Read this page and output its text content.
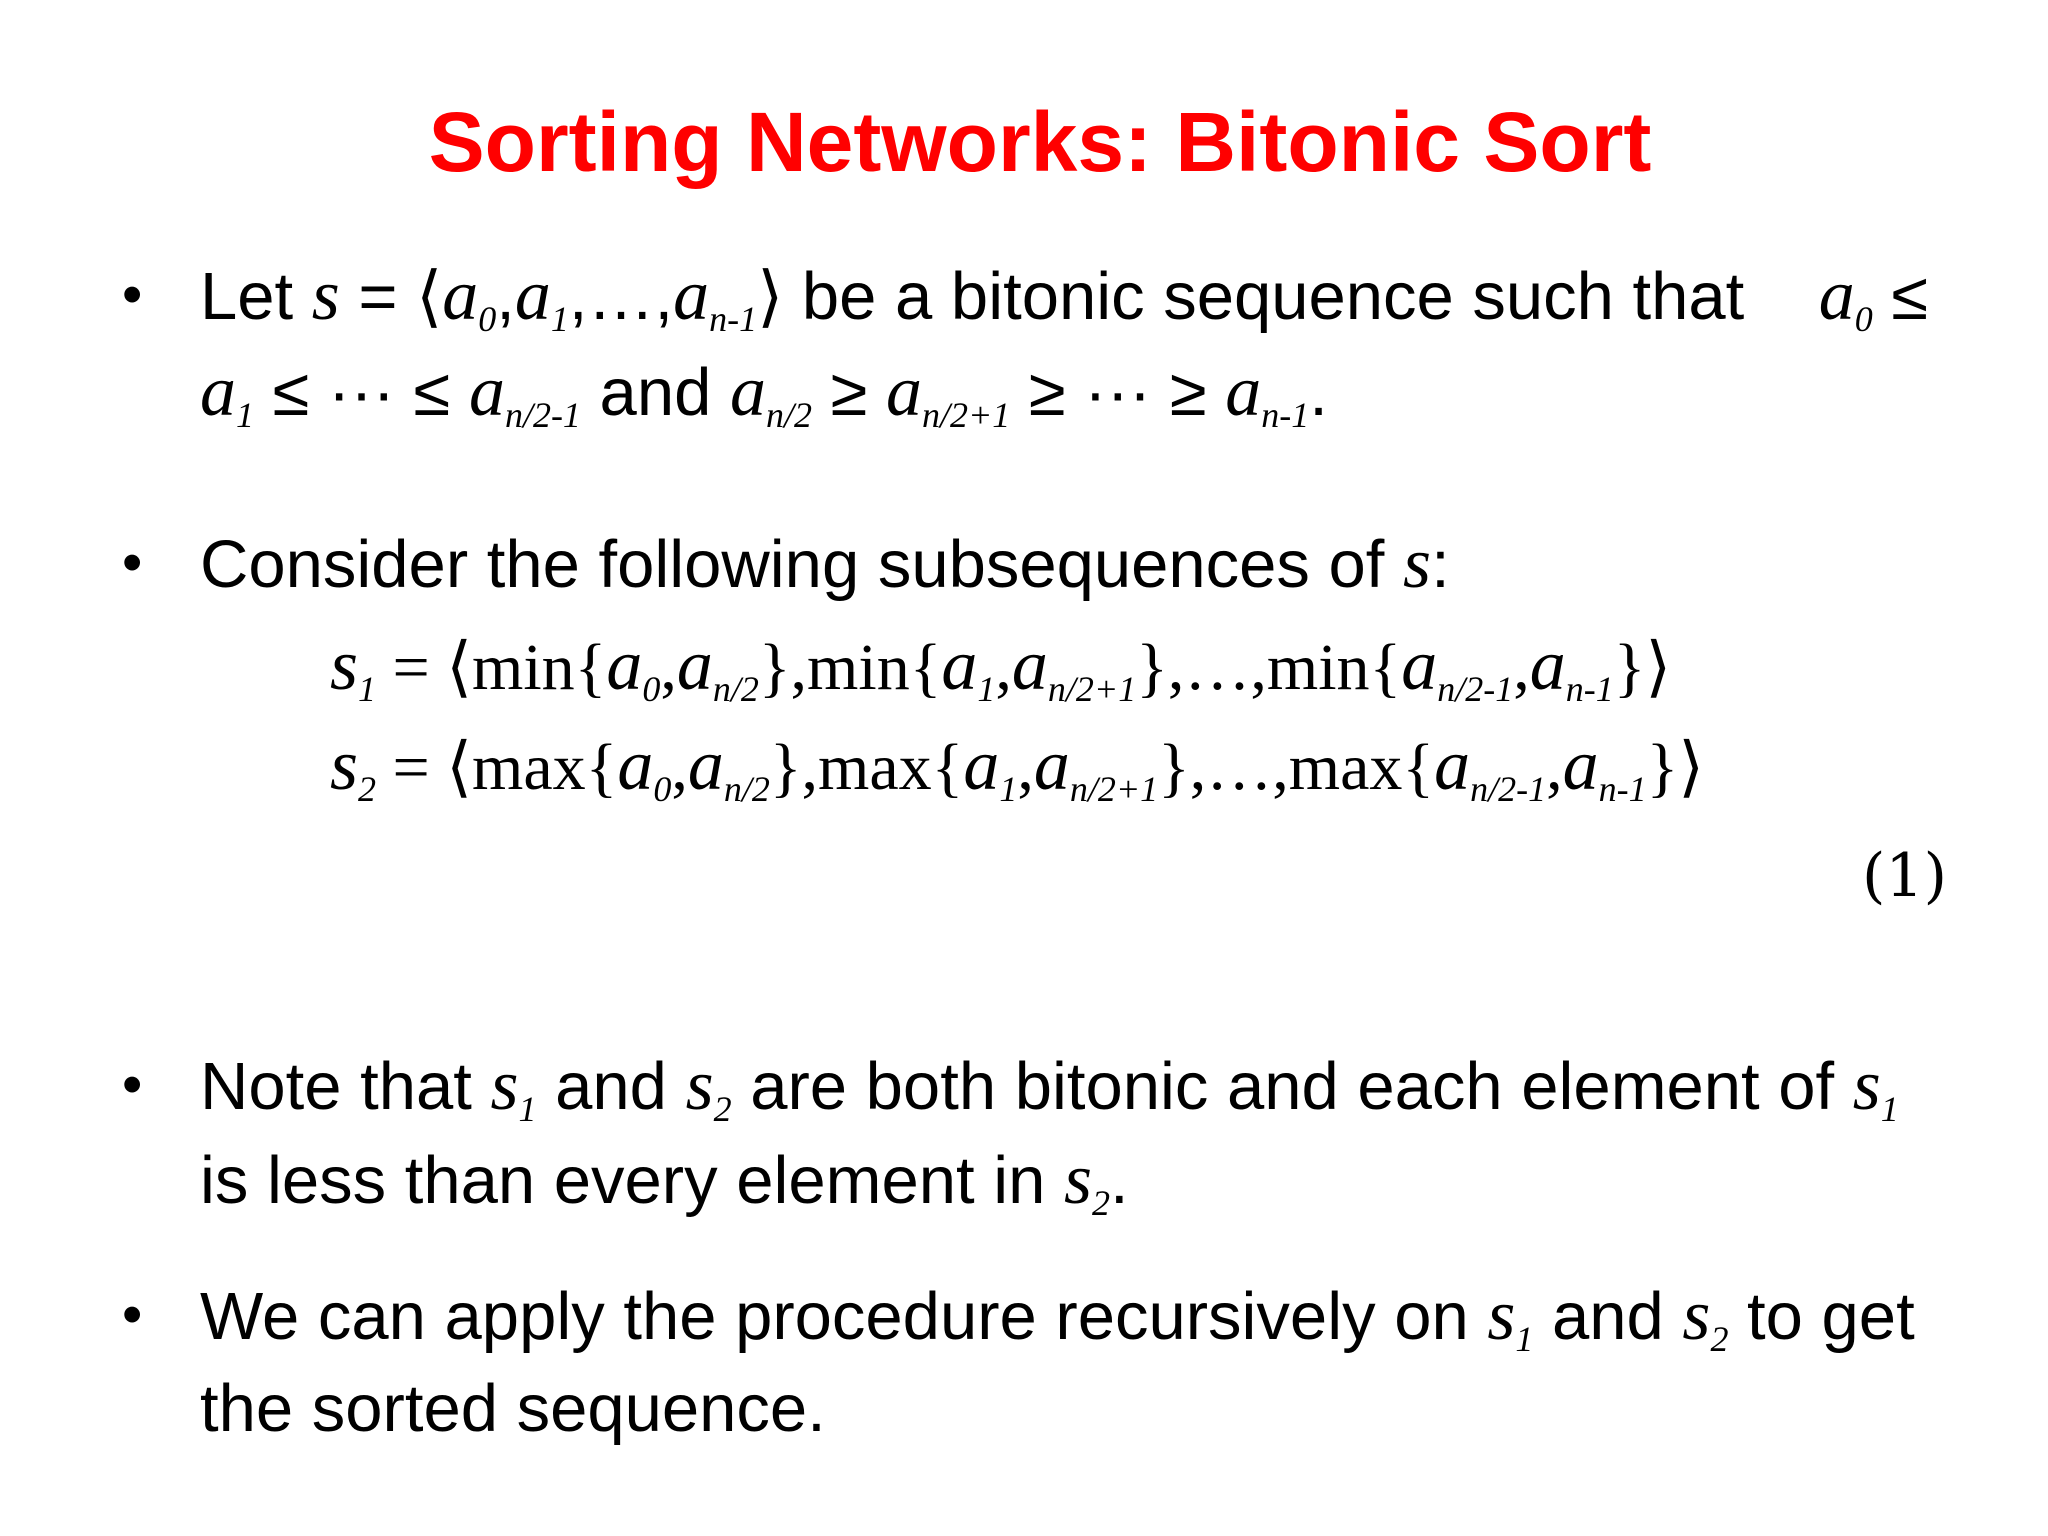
Sorting Networks: Bitonic Sort
• Let $s = ⟨a_0,a_1,\dots,a_{n-1}⟩$ be a bitonic sequence such that    $a_0$ ≤
$a_1$ ≤ ··· ≤ $a_{n/2-1}$ and $a_{n/2} \ge a_{n/2+1}$ ≥ ··· ≥ $a_{n-1}$.
• Consider the following subsequences of s:
$s_1$ = $⟨\min\{a_0,a_{n/2}\},\min\{a_1,a_{n/2+1}\},\dots,\min\{a_{n/2-1},a_{n-1}\}⟩$
$s_2$ = $⟨\max\{a_0,a_{n/2}\},\max\{a_1,a_{n/2+1}\},\dots,\max\{a_{n/2-1},a_{n-1}\}⟩$
(1)
• Note that $s_1$ and $s_2$ are both bitonic and each element of $s_1$
is less than every element in $s_2$.
• We can apply the procedure recursively on $s_1$ and $s_2$ to get
the sorted sequence.
